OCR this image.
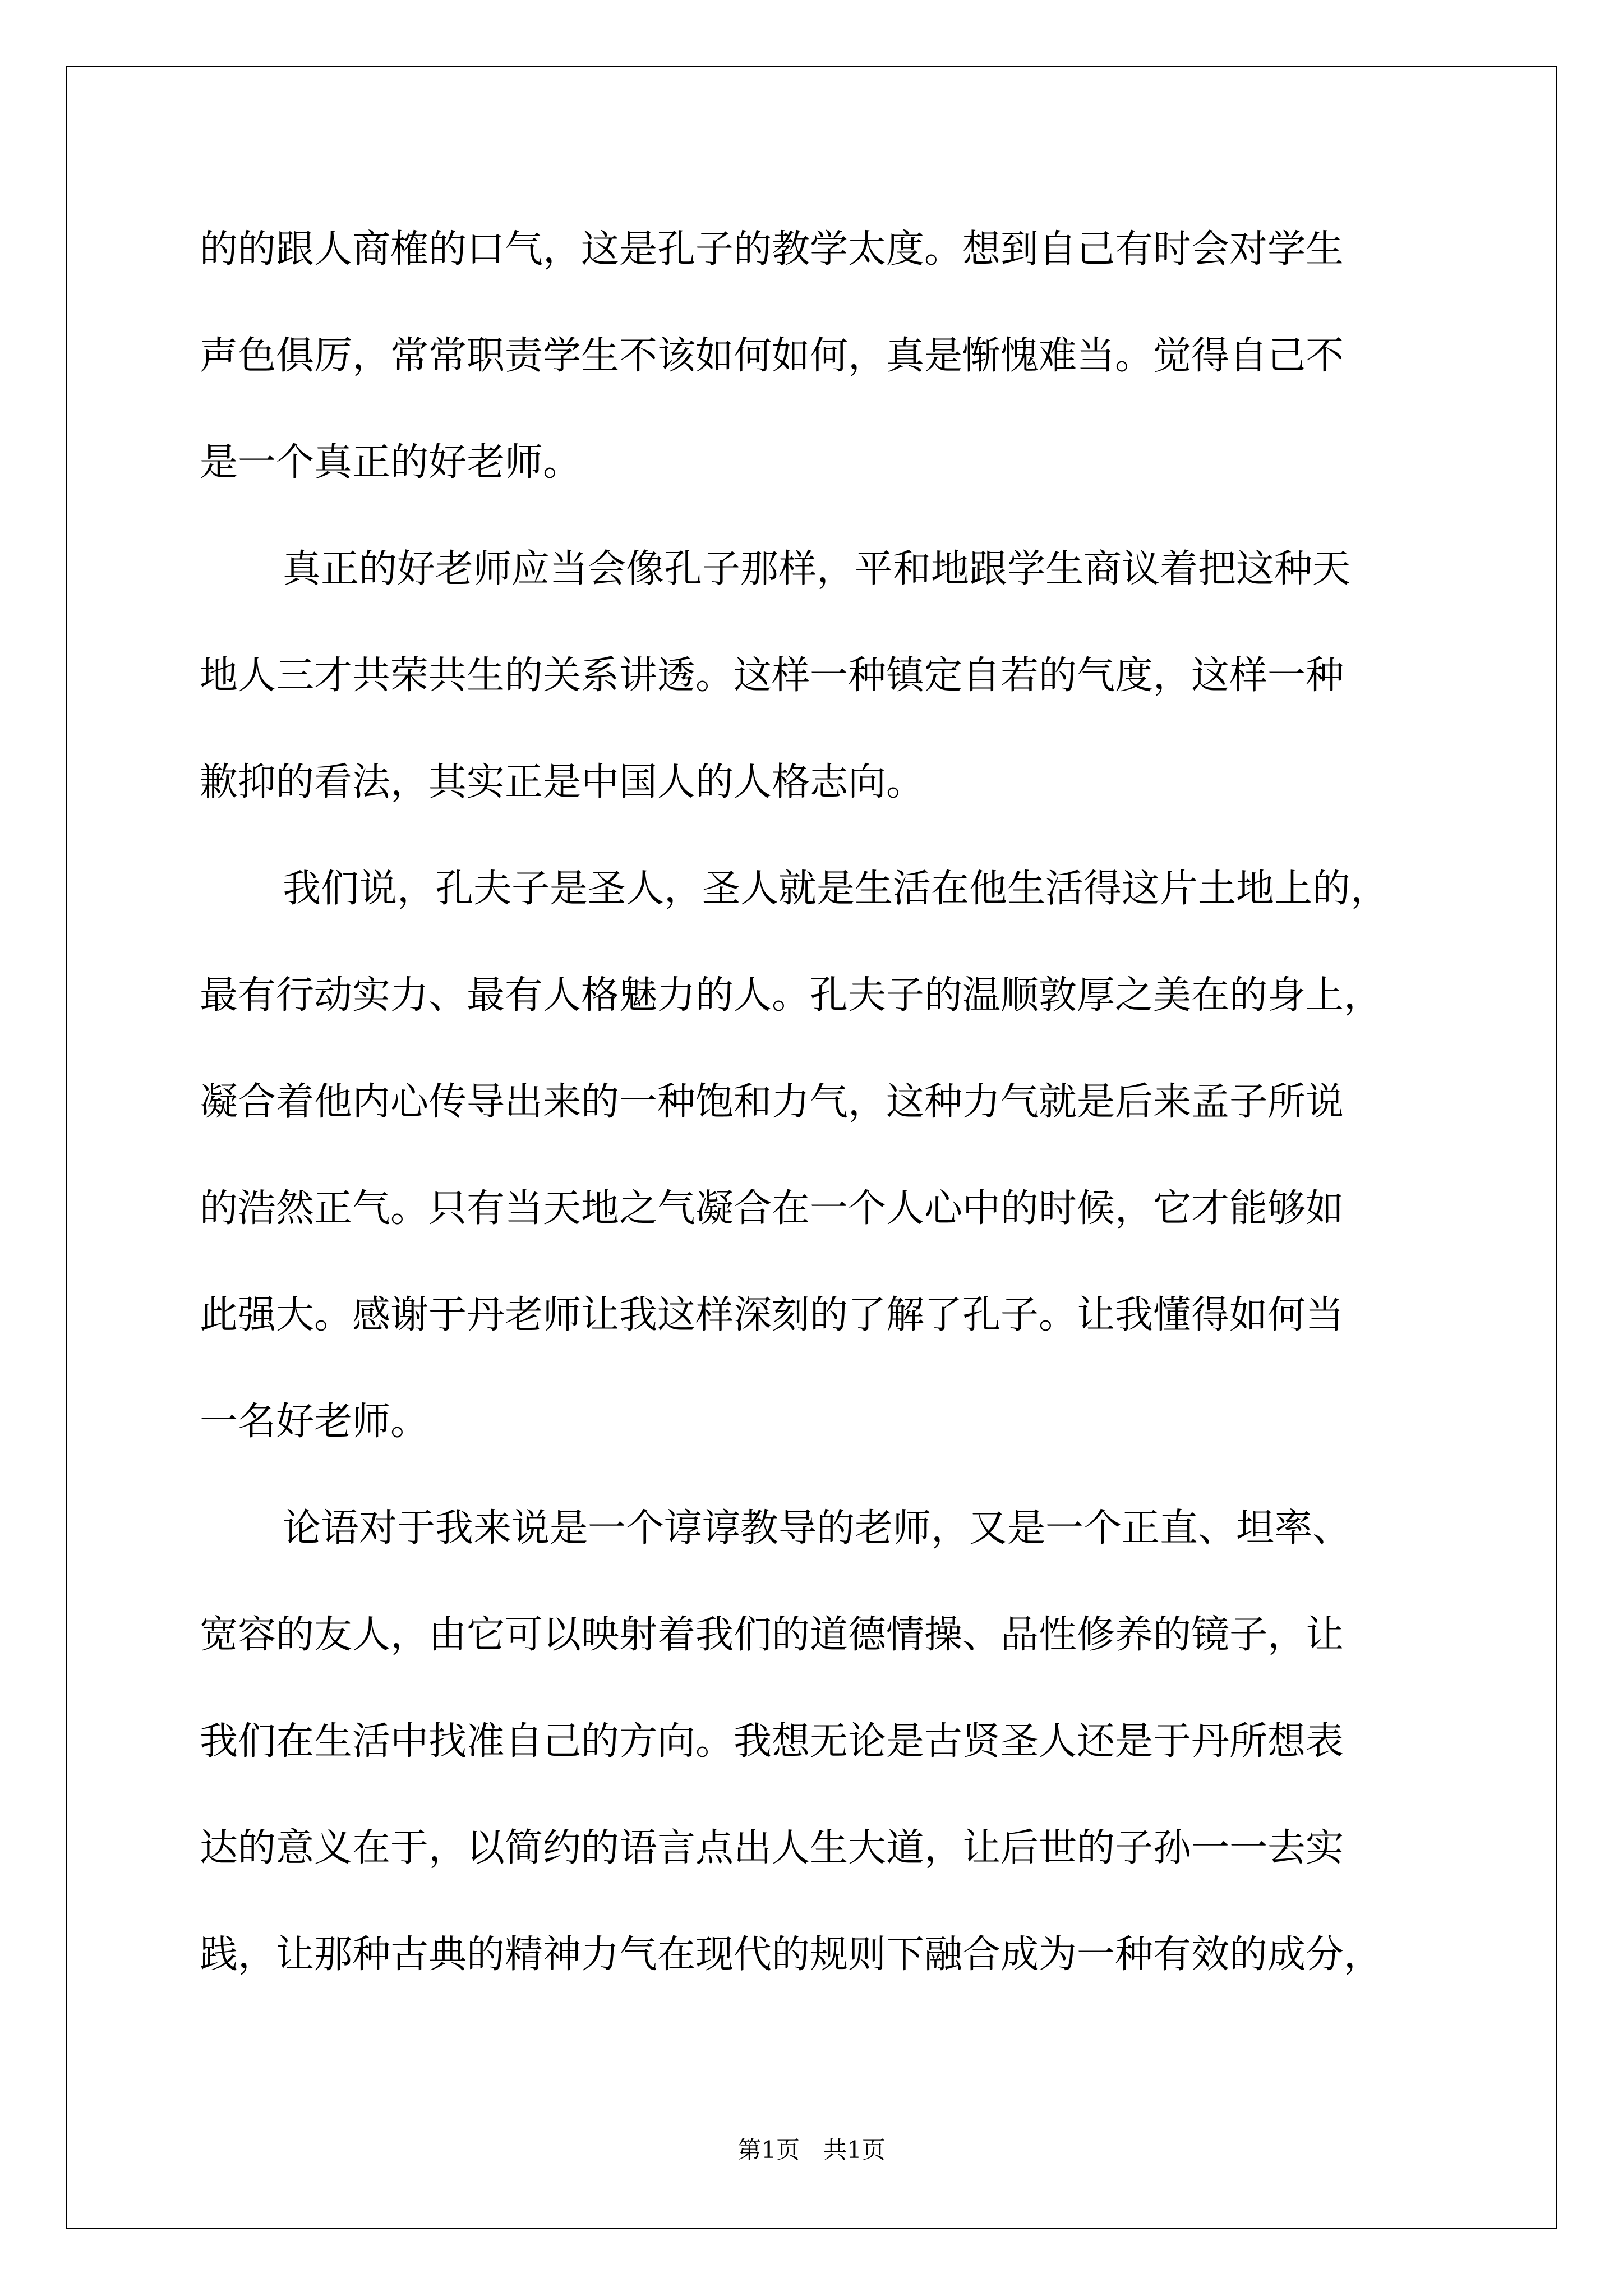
的的跟人商榷的口气，这是孔子的教学太度。想到自己有时会对学生
声色俱厉，常常职责学生不该如何如何，真是惭愧难当。觉得自己不
是一个真正的好老师。
真正的好老师应当会像孔子那样，平和地跟学生商议着把这种天
地人三才共荣共生的关系讲透。这样一种镇定自若的气度，这样一种
歉抑的看法，其实正是中国人的人格志向。
我们说，孔夫子是圣人，圣人就是生活在他生活得这片土地上的，
最有行动实力、最有人格魅力的人。孔夫子的温顺敦厚之美在的身上，
凝合着他内心传导出来的一种饱和力气，这种力气就是后来孟子所说
的浩然正气。只有当天地之气凝合在一个人心中的时候，它才能够如
此强大。感谢于丹老师让我这样深刻的了解了孔子。让我懂得如何当
一名好老师。
论语对于我来说是一个谆谆教导的老师，又是一个正直、坦率、
宽容的友人，由它可以映射着我们的道德情操、品性修养的镜子，让
我们在生活中找准自己的方向。我想无论是古贤圣人还是于丹所想表
达的意义在于，以简约的语言点出人生大道，让后世的子孙一一去实
践，让那种古典的精神力气在现代的规则下融合成为一种有效的成分，
第1页　共1页
